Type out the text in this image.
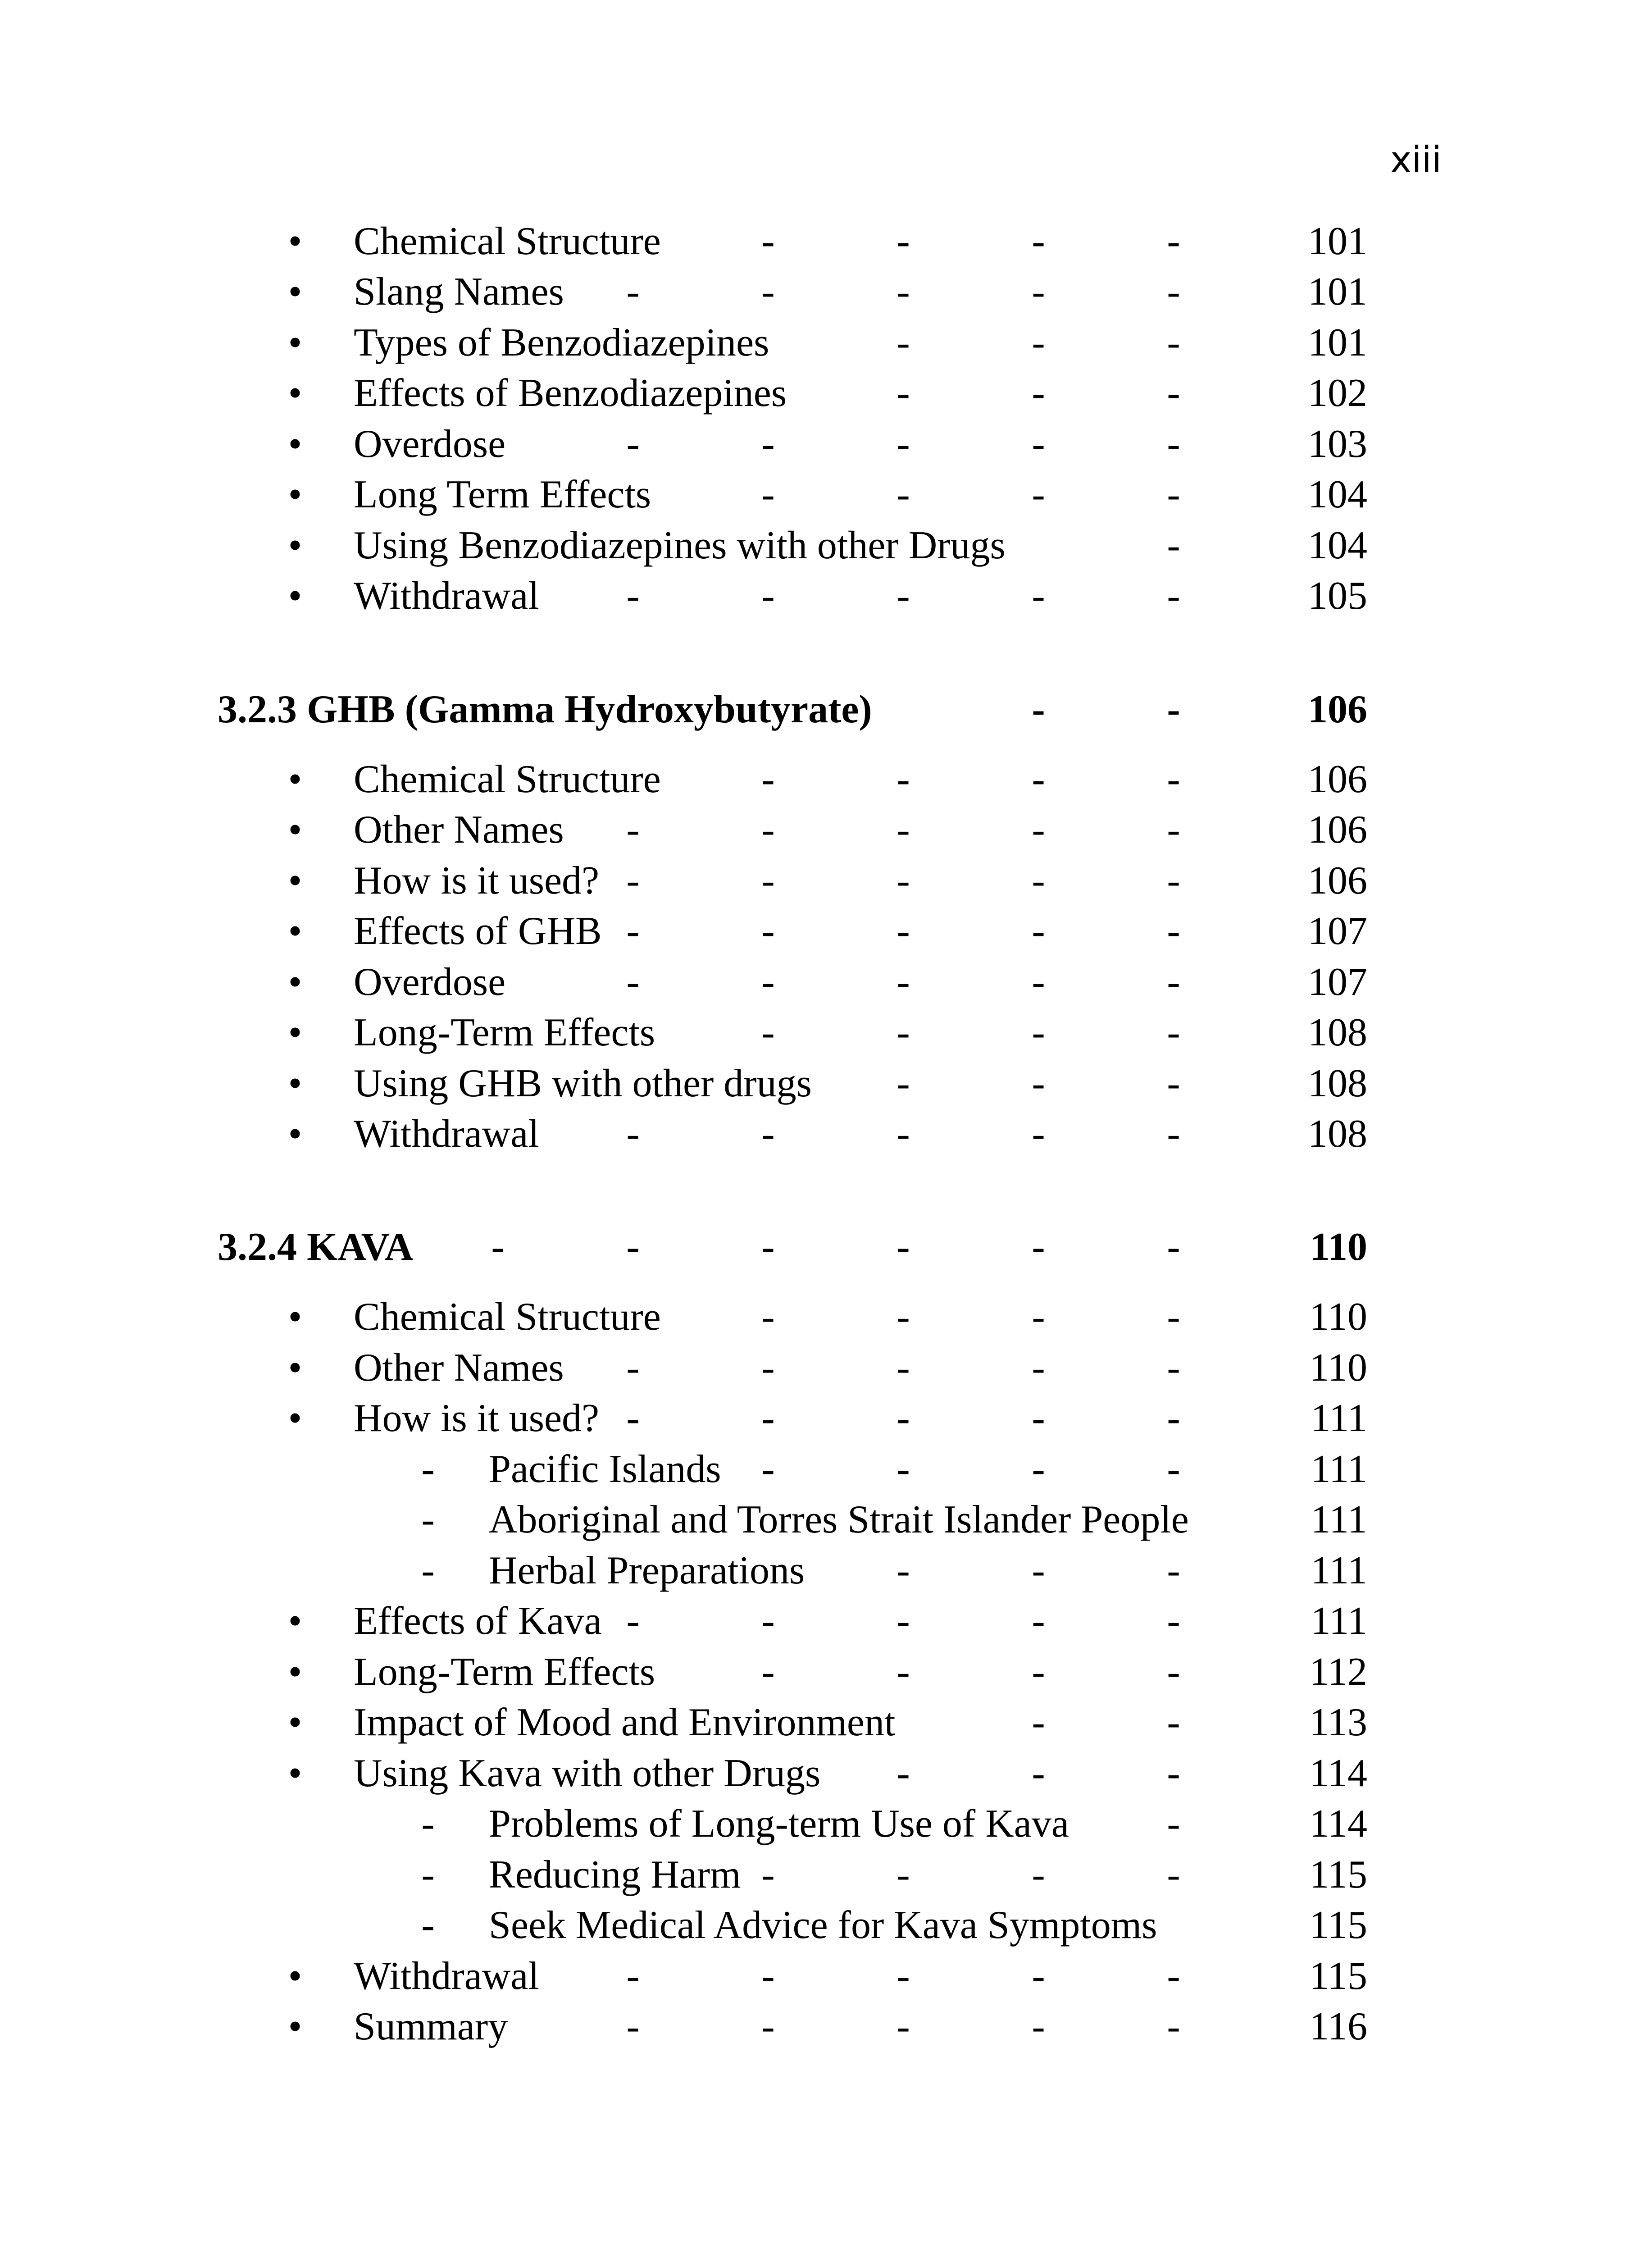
xiii
• Chemical Structure	-	-	-	-	101
• Slang Names -	-	-	-	-	101
• Types of Benzodiazepines	-	-	-	101
• Effects of Benzodiazepines	-	-	-	102
• Overdose	-	-	-	-	-	103
• Long Term Effects	-	-	-	-	104
• Using Benzodiazepines with other Drugs	-	104
• Withdrawal -	-	-	-	-	105
3.2.3 GHB (Gamma Hydroxybutyrate)	-	-	106
• Chemical Structure	-	-	-	-	106
• Other Names -	-	-	-	-	106
• How is it used? -	-	-	-	-	106
• Effects of GHB -	-	-	-	-	107
• Overdose	-	-	-	-	-	107
• Long-Term Effects	-	-	-	-	108
• Using GHB with other drugs -	-	-	108
• Withdrawal -	-	-	-	-	108
3.2.4 KAVA -	-	-	-	-	-	110
• Chemical Structure	-	-	-	-	110
• Other Names -	-	-	-	-	110
• How is it used? -	-	-	-	-	111
- Pacific Islands -	-	-	-	111
- Aboriginal and Torres Strait Islander People	111
- Herbal Preparations -	-	-	111
• Effects of Kava -	-	-	-	-	111
• Long-Term Effects	-	-	-	-	112
• Impact of Mood and Environment	-	-	113
• Using Kava with other Drugs -	-	-	114
- Problems of Long-term Use of Kava -	114
- Reducing Harm -	-	-	-	115
- Seek Medical Advice for Kava Symptoms	115
• Withdrawal -	-	-	-	-	115
• Summary	-	-	-	-	-	116
